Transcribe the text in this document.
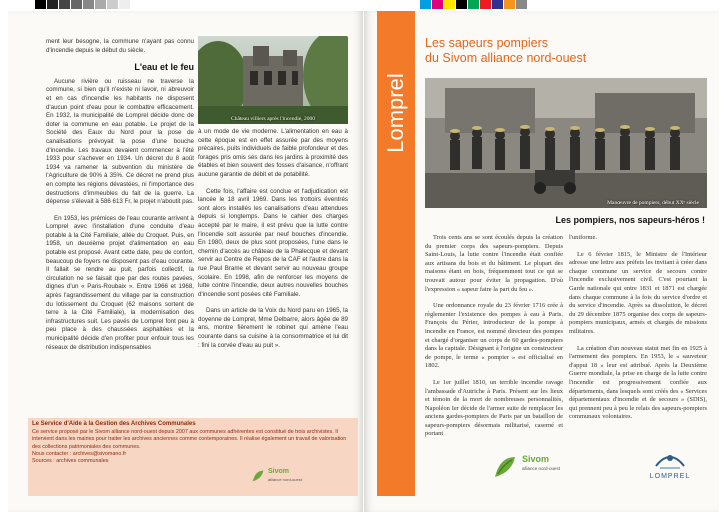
ment leur besogne, la commune n'ayant pas connu d'incendie depuis le début du siècle.

L'eau et le feu

Aucune rivière ou ruisseau ne traverse la commune, si bien qu'il n'existe ni lavoir, ni abreuvoir et en cas d'incendie les habitants ne disposent d'aucun point d'eau pour le combattre efficacement. En 1932, la municipalité de Lomprel décide donc de doter la commune en eau potable. Le projet de la Société des Eaux du Nord pour la pose de canalisations prévoyait la pose d'une bouche d'incendie. Les travaux devaient commencer à l'été 1933 pour s'achever en 1934. Un décret du 8 août 1934 va ramener la subvention du ministère de l'Agriculture de 90% à 35%. Ce décret ne prend plus en compte les régions dévastées, ni l'importance des destructions d'immeubles du fait de la guerre. La dépense s'élevait à 586 613 Fr, le projet n'aboutit pas.

En 1953, les prémices de l'eau courante arrivent à Lomprel avec l'installation d'une conduite d'eau potable à la Cité Familiale, allée du Croquet. Puis, en 1958, un deuxième projet d'alimentation en eau potable est proposé. Avant cette date, peu de confort, beaucoup de foyers ne disposent pas d'eau courante. Il fallait se rendre au puit, parfois collectif, la circulation ne se faisait que par des routes pavées, dignes d'un « Paris-Roubaix ». Entre 1966 et 1968, après l'agrandissement du village par la construction du lotissement du Croquet (62 maisons sortent de terre à la Cité Familiale), la modernisation des infrastructures suit. Les pavés de Lomprel font peu à peu place à des chaussées asphaltées et la municipalité décide d'en profiter pour enfouir tous les réseaux de distribution indispensables

Château villiers après l'incendie, 2000

à un mode de vie moderne. L'alimentation en eau à cette époque est en effet assurée par des moyens précaires, puits individuels de faible profondeur et des forages pris omis sés dans les jardins à proximité des étables et bien souvent des fosses d'aisance, n'offrant aucune garantie de débit et de potabilité.

Cette fois, l'affaire est conclue et l'adjudication est lancée le 18 avril 1969. Dans les trottoirs éventrés sont alors installés les canalisations d'eau attendues depuis si longtemps. Dans le cahier des charges accepté par le maire, il est prévu que la lutte contre l'incendie soit assurée par neuf bouches d'incendie. En 1980, deux de plus sont proposées, l'une dans le chemin d'accès au château de la Phalecque et devant servir au Centre de Repos de la CAF et l'autre dans la rue Paul Brame et devant servir au nouveau groupe scolaire. En 1998, afin de renforcer les moyens de lutte contre l'incendie, deux autres nouvelles bouches d'incendie sont posées cité Familiale.

Dans un article de la Voix du Nord paru en 1965, la doyenne de Lomprel, Mme Delbarre, alors âgée de 89 ans, montre fièrement le robinet qui amène l'eau courante dans sa cuisine à la consommatrice et lui dit : fini la corvée d'eau au puit ».

Le Service d'Aide à la Gestion des Archives Communales
Ce service proposé par le Sivom alliance nord-ouest depuis 2007 aux communes adhérentes est constitué de trois archivistes. Il intervient dans les mairies pour traiter les archives anciennes comme contemporaines. Il réalise également un travail de valorisation des collections patrimoniales des communes.
Nous contacter : archives@sivomano.fr
Sources : archives communales
Lomprel
Les sapeurs pompiers
du Sivom alliance nord-ouest
Manœuvre de pompiers, début XXᵉ siècle
Les pompiers, nos sapeurs-héros !

Trois cents ans se sont écoulés depuis la création du premier corps des sapeurs-pompiers. Depuis Saint-Louis, la lutte contre l'incendie était confiée aux artisans du bois et du bâtiment. Le plupart des maisons étant en bois, fréquemment tout ce qui se trouvait autour pour éviter la propagation. D'où l'expression « sapeur faire la part du feu ».

Une ordonnance royale du 23 février 1716 crée à règlementer l'existence des pompes à eau à Paris. François du Périer, introducteur de la pompe à incendie en France, est nommé directeur des pompes et chargé d'organiser un corps de 60 gardes-pompiers dans la capitale. Désignant à l'origine un constructeur de pompe, le terme « pompier » est officialisé en 1802.

Le 1er juillet 1810, un terrible incendie ravage l'ambassade d'Autriche à Paris. Présent sur les lieux et témoin de la mort de nombreuses personnalités, Napoléon Ier décide de l'armer suite de remplacer les anciens gardes-pompiers de Paris par un bataillon de sapeurs-pompiers désormais militarisé, caserné et portant

l'uniforme.

Le 6 février 1815, le Ministre de l'Intérieur adresse une lettre aux préfets les invitant à créer dans chaque commune un service de secours contre l'incendie exclusivement civil. C'est pourtant la Garde nationale qui entre 1831 et 1871 est chargée dans chaque commune à la fois du service d'ordre et du service d'incendie. Après sa dissolution, le décret du 29 décembre 1875 organise des corps de sapeurs-pompiers municipaux, armés et chargés de missions militaires.

La création d'un nouveau statut met fin en 1925 à l'armement des pompiers. En 1953, le « sauveteur d'appui 18 » leur est attribué. Après la Deuxième Guerre mondiale, la prise en charge de la lutte contre l'incendie est progressivement confiée aux départements, dans lesquels sont créés des « Services départementaux d'incendie et de secours » (SDIS), qui prennent peu à peu le relais des sapeurs-pompiers communaux volontaires.

Sivom
alliance nord-ouest
LOMPREL
Sivom
alliance nord-ouest
